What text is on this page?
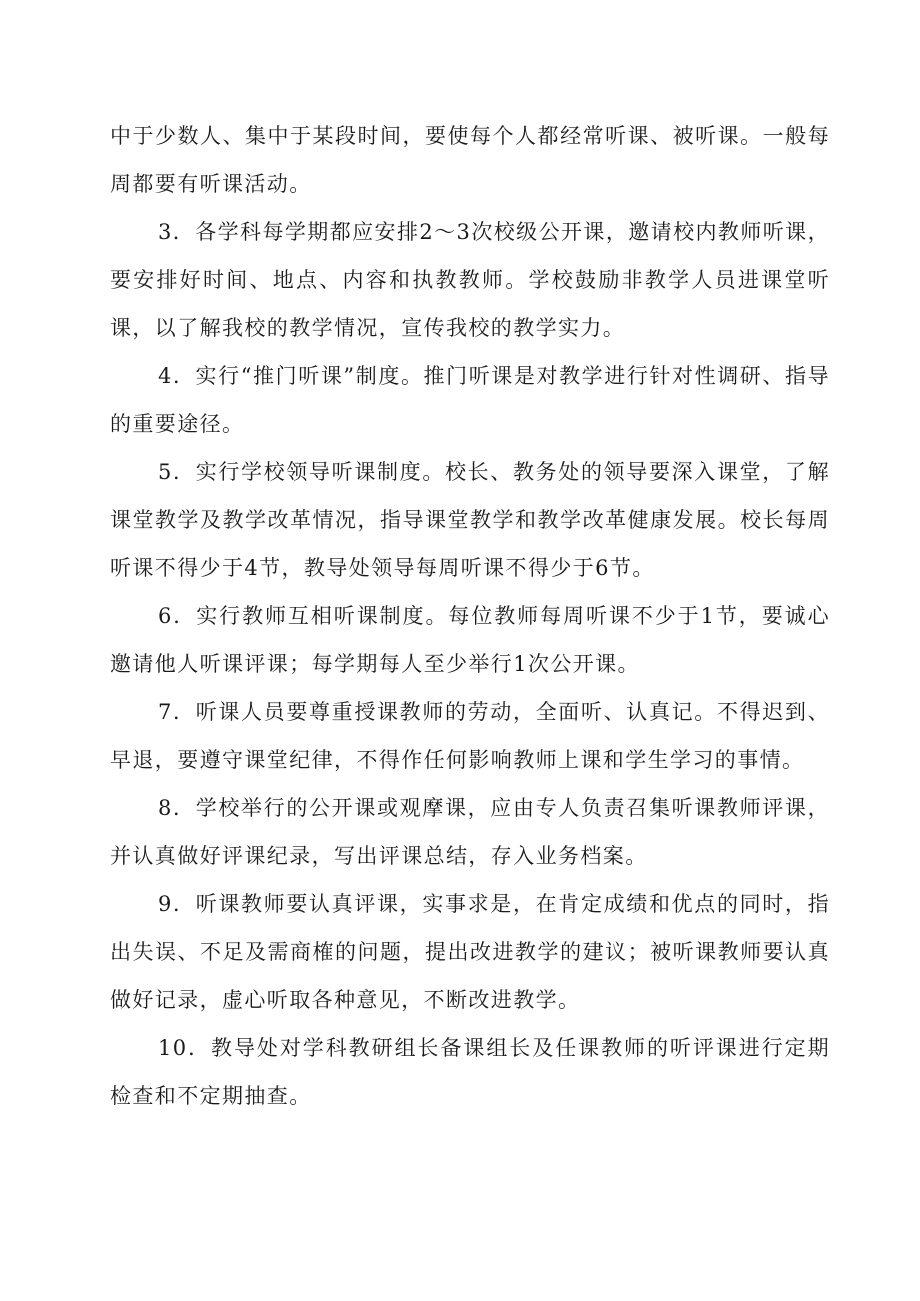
中于少数人、集中于某段时间，要使每个人都经常听课、被听课。一般每周都要有听课活动。

3．各学科每学期都应安排2～3次校级公开课，邀请校内教师听课，要安排好时间、地点、内容和执教教师。学校鼓励非教学人员进课堂听课，以了解我校的教学情况，宣传我校的教学实力。

4．实行“推门听课”制度。推门听课是对教学进行针对性调研、指导的重要途径。

5．实行学校领导听课制度。校长、教务处的领导要深入课堂，了解课堂教学及教学改革情况，指导课堂教学和教学改革健康发展。校长每周听课不得少于4节，教导处领导每周听课不得少于6节。

6．实行教师互相听课制度。每位教师每周听课不少于1节，要诚心邀请他人听课评课；每学期每人至少举行1次公开课。

7．听课人员要尊重授课教师的劳动，全面听、认真记。不得迟到、早退，要遵守课堂纪律，不得作任何影响教师上课和学生学习的事情。

8．学校举行的公开课或观摩课，应由专人负责召集听课教师评课，并认真做好评课纪录，写出评课总结，存入业务档案。

9．听课教师要认真评课，实事求是，在肯定成绩和优点的同时，指出失误、不足及需商榷的问题，提出改进教学的建议；被听课教师要认真做好记录，虚心听取各种意见，不断改进教学。

10．教导处对学科教研组长备课组长及任课教师的听评课进行定期检查和不定期抽查。
